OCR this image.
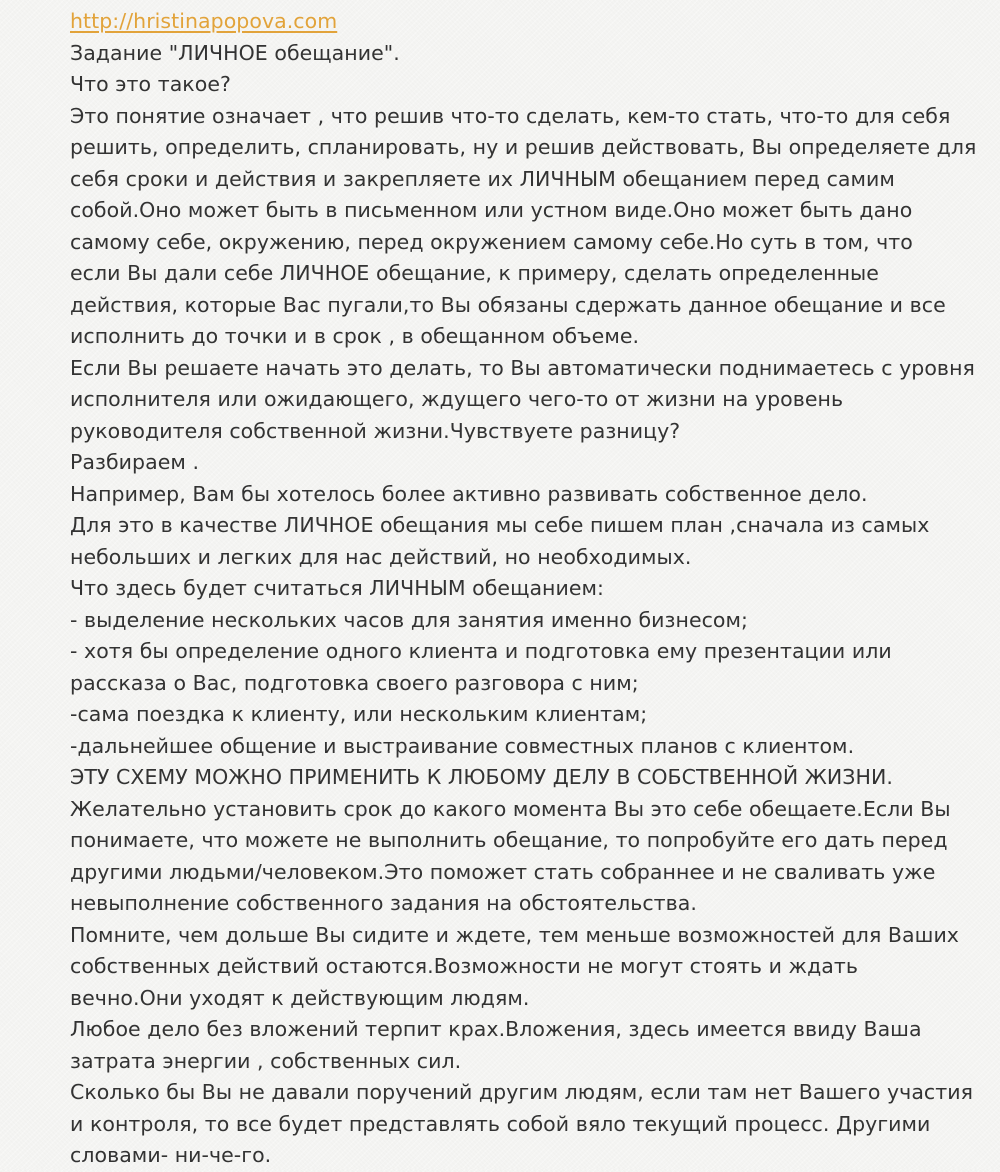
http://hristinapopova.com
Задание "ЛИЧНОЕ обещание".
Что это такое?
Это понятие означает , что решив что-то сделать, кем-то стать, что-то для себя
решить, определить, спланировать, ну и решив действовать, Вы определяете для
себя сроки и действия и закрепляете их ЛИЧНЫМ обещанием перед самим
собой.Оно может быть в письменном или устном виде.Оно может быть дано
самому себе, окружению, перед окружением самому себе.Но суть в том, что
если Вы дали себе ЛИЧНОЕ обещание, к примеру, сделать определенные
действия, которые Вас пугали,то Вы обязаны сдержать данное обещание и все
исполнить до точки и в срок , в обещанном объеме.
Если Вы решаете начать это делать, то Вы автоматически поднимаетесь с уровня
исполнителя или ожидающего, ждущего чего-то от жизни на уровень
руководителя собственной жизни.Чувствуете разницу?
Разбираем .
Например, Вам бы хотелось более активно развивать собственное дело.
Для это в качестве ЛИЧНОЕ обещания мы себе пишем план ,сначала из самых
небольших и легких для нас действий, но необходимых.
Что здесь будет считаться ЛИЧНЫМ обещанием:
- выделение нескольких часов для занятия именно бизнесом;
- хотя бы определение одного клиента и подготовка ему презентации или
рассказа о Вас, подготовка своего разговора с ним;
-сама поездка к клиенту, или нескольким клиентам;
-дальнейшее общение и выстраивание совместных планов с клиентом.
ЭТУ СХЕМУ МОЖНО ПРИМЕНИТЬ К ЛЮБОМУ ДЕЛУ В СОБСТВЕННОЙ ЖИЗНИ.
Желательно установить срок до какого момента Вы это себе обещаете.Если Вы
понимаете, что можете не выполнить обещание, то попробуйте его дать перед
другими людьми/человеком.Это поможет стать собраннее и не сваливать уже
невыполнение собственного задания на обстоятельства.
Помните, чем дольше Вы сидите и ждете, тем меньше возможностей для Ваших
собственных действий остаются.Возможности не могут стоять и ждать
вечно.Они уходят к действующим людям.
Любое дело без вложений терпит крах.Вложения, здесь имеется ввиду Ваша
затрата энергии , собственных сил.
Сколько бы Вы не давали поручений другим людям, если там нет Вашего участия
и контроля, то все будет представлять собой вяло текущий процесс. Другими
словами- ни-че-го.
